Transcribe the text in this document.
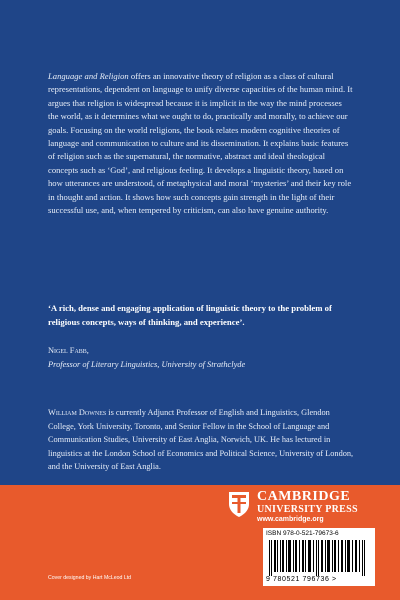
Language and Religion offers an innovative theory of religion as a class of cultural representations, dependent on language to unify diverse capacities of the human mind. It argues that religion is widespread because it is implicit in the way the mind processes the world, as it determines what we ought to do, practically and morally, to achieve our goals. Focusing on the world religions, the book relates modern cognitive theories of language and communication to culture and its dissemination. It explains basic features of religion such as the supernatural, the normative, abstract and ideal theological concepts such as ‘God’, and religious feeling. It develops a linguistic theory, based on how utterances are understood, of metaphysical and moral ‘mysteries’ and their key role in thought and action. It shows how such concepts gain strength in the light of their successful use, and, when tempered by criticism, can also have genuine authority.

‘A rich, dense and engaging application of linguistic theory to the problem of religious concepts, ways of thinking, and experience’.
Nigel Fabb,
Professor of Literary Linguistics, University of Strathclyde
William Downes is currently Adjunct Professor of English and Linguistics, Glendon College, York University, Toronto, and Senior Fellow in the School of Language and Communication Studies, University of East Anglia, Norwich, UK. He has lectured in linguistics at the London School of Economics and Political Science, University of London, and the University of East Anglia.
CAMBRIDGE
UNIVERSITY PRESS
www.cambridge.org
ISBN 978-0-521-79673-6
9 780521 796736 >
Cover designed by Hart McLeod Ltd
